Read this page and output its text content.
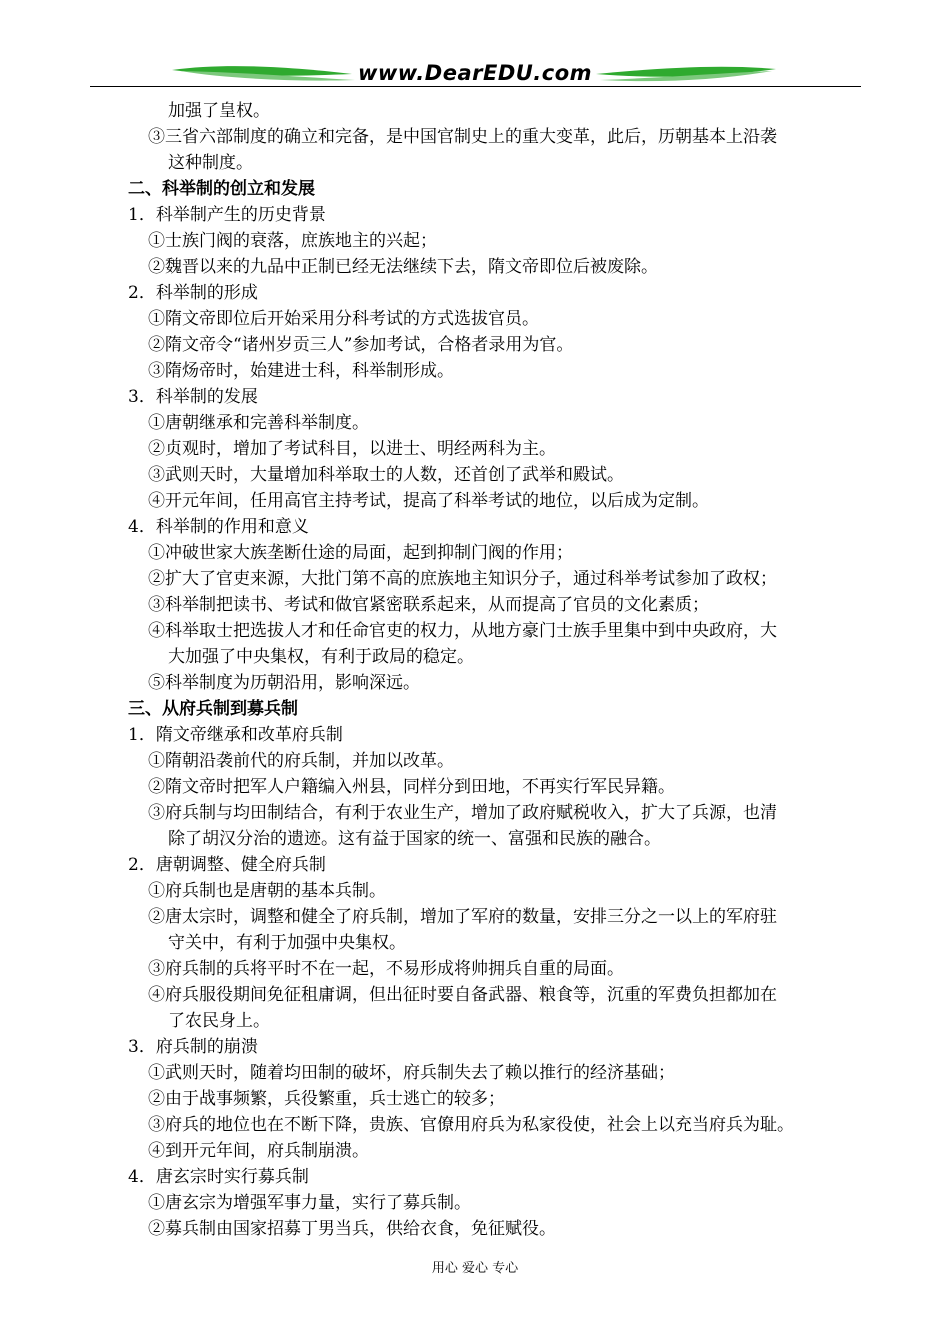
www.DearEDU.com
加强了皇权。
③三省六部制度的确立和完备，是中国官制史上的重大变革，此后，历朝基本上沿袭
这种制度。
二、科举制的创立和发展
1．科举制产生的历史背景
①士族门阀的衰落，庶族地主的兴起；
②魏晋以来的九品中正制已经无法继续下去，隋文帝即位后被废除。
2．科举制的形成
①隋文帝即位后开始采用分科考试的方式选拔官员。
②隋文帝令“诸州岁贡三人”参加考试，合格者录用为官。
③隋炀帝时，始建进士科，科举制形成。
3．科举制的发展
①唐朝继承和完善科举制度。
②贞观时，增加了考试科目，以进士、明经两科为主。
③武则天时，大量增加科举取士的人数，还首创了武举和殿试。
④开元年间，任用高官主持考试，提高了科举考试的地位，以后成为定制。
4．科举制的作用和意义
①冲破世家大族垄断仕途的局面，起到抑制门阀的作用；
②扩大了官吏来源，大批门第不高的庶族地主知识分子，通过科举考试参加了政权；
③科举制把读书、考试和做官紧密联系起来，从而提高了官员的文化素质；
④科举取士把选拔人才和任命官吏的权力，从地方豪门士族手里集中到中央政府，大
大加强了中央集权，有利于政局的稳定。
⑤科举制度为历朝沿用，影响深远。
三、从府兵制到募兵制
1．隋文帝继承和改革府兵制
①隋朝沿袭前代的府兵制，并加以改革。
②隋文帝时把军人户籍编入州县，同样分到田地，不再实行军民异籍。
③府兵制与均田制结合，有利于农业生产，增加了政府赋税收入，扩大了兵源，也清
除了胡汉分治的遗迹。这有益于国家的统一、富强和民族的融合。
2．唐朝调整、健全府兵制
①府兵制也是唐朝的基本兵制。
②唐太宗时，调整和健全了府兵制，增加了军府的数量，安排三分之一以上的军府驻
守关中，有利于加强中央集权。
③府兵制的兵将平时不在一起，不易形成将帅拥兵自重的局面。
④府兵服役期间免征租庸调，但出征时要自备武器、粮食等，沉重的军费负担都加在
了农民身上。
3．府兵制的崩溃
①武则天时，随着均田制的破坏，府兵制失去了赖以推行的经济基础；
②由于战事频繁，兵役繁重，兵士逃亡的较多；
③府兵的地位也在不断下降，贵族、官僚用府兵为私家役使，社会上以充当府兵为耻。
④到开元年间，府兵制崩溃。
4．唐玄宗时实行募兵制
①唐玄宗为增强军事力量，实行了募兵制。
②募兵制由国家招募丁男当兵，供给衣食，免征赋役。
用心 爱心 专心
